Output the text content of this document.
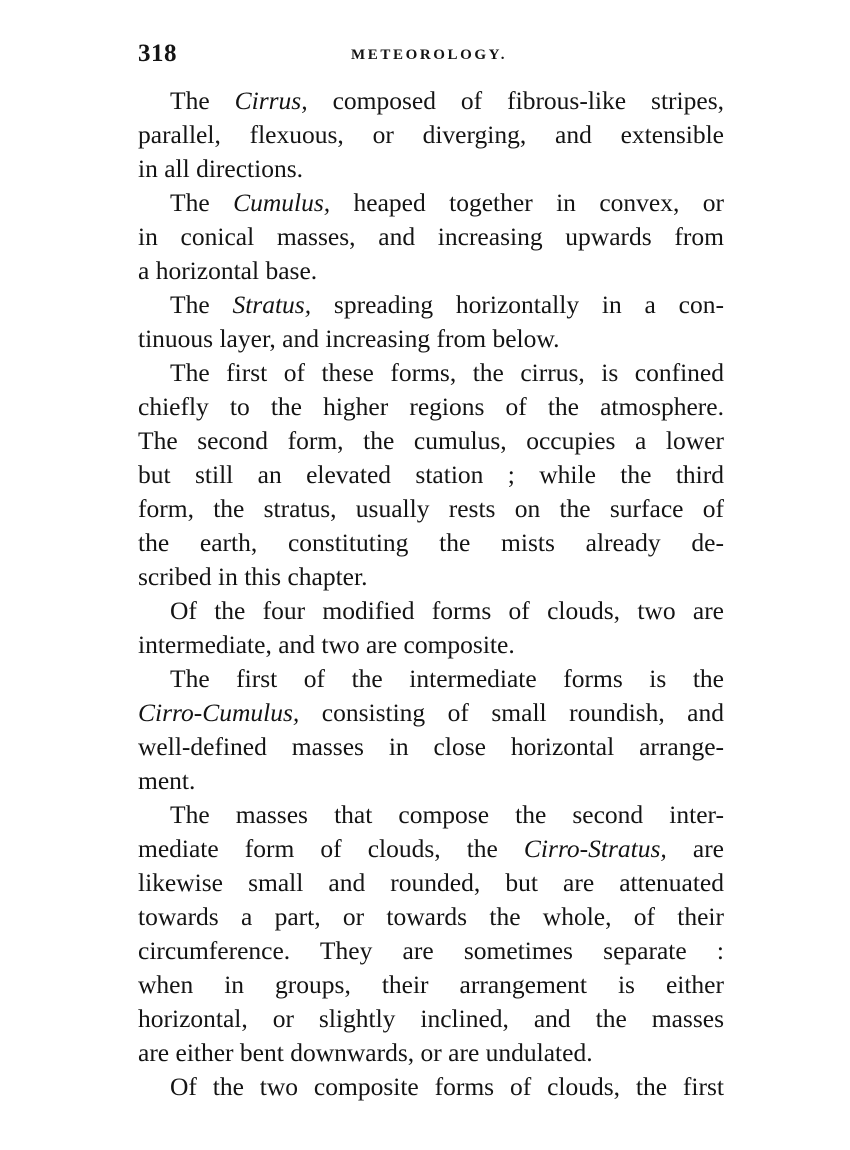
318	METEOROLOGY.
The Cirrus, composed of fibrous-like stripes,
parallel, flexuous, or diverging, and extensible
in all directions.
The Cumulus, heaped together in convex, or
in conical masses, and increasing upwards from
a horizontal base.
The Stratus, spreading horizontally in a con-
tinuous layer, and increasing from below.
The first of these forms, the cirrus, is confined
chiefly to the higher regions of the atmosphere.
The second form, the cumulus, occupies a lower
but still an elevated station ; while the third
form, the stratus, usually rests on the surface of
the earth, constituting the mists already de-
scribed in this chapter.
Of the four modified forms of clouds, two are
intermediate, and two are composite.
The first of the intermediate forms is the
Cirro-Cumulus, consisting of small roundish, and
well-defined masses in close horizontal arrange-
ment.
The masses that compose the second inter-
mediate form of clouds, the Cirro-Stratus, are
likewise small and rounded, but are attenuated
towards a part, or towards the whole, of their
circumference. They are sometimes separate :
when in groups, their arrangement is either
horizontal, or slightly inclined, and the masses
are either bent downwards, or are undulated.
Of the two composite forms of clouds, the first
